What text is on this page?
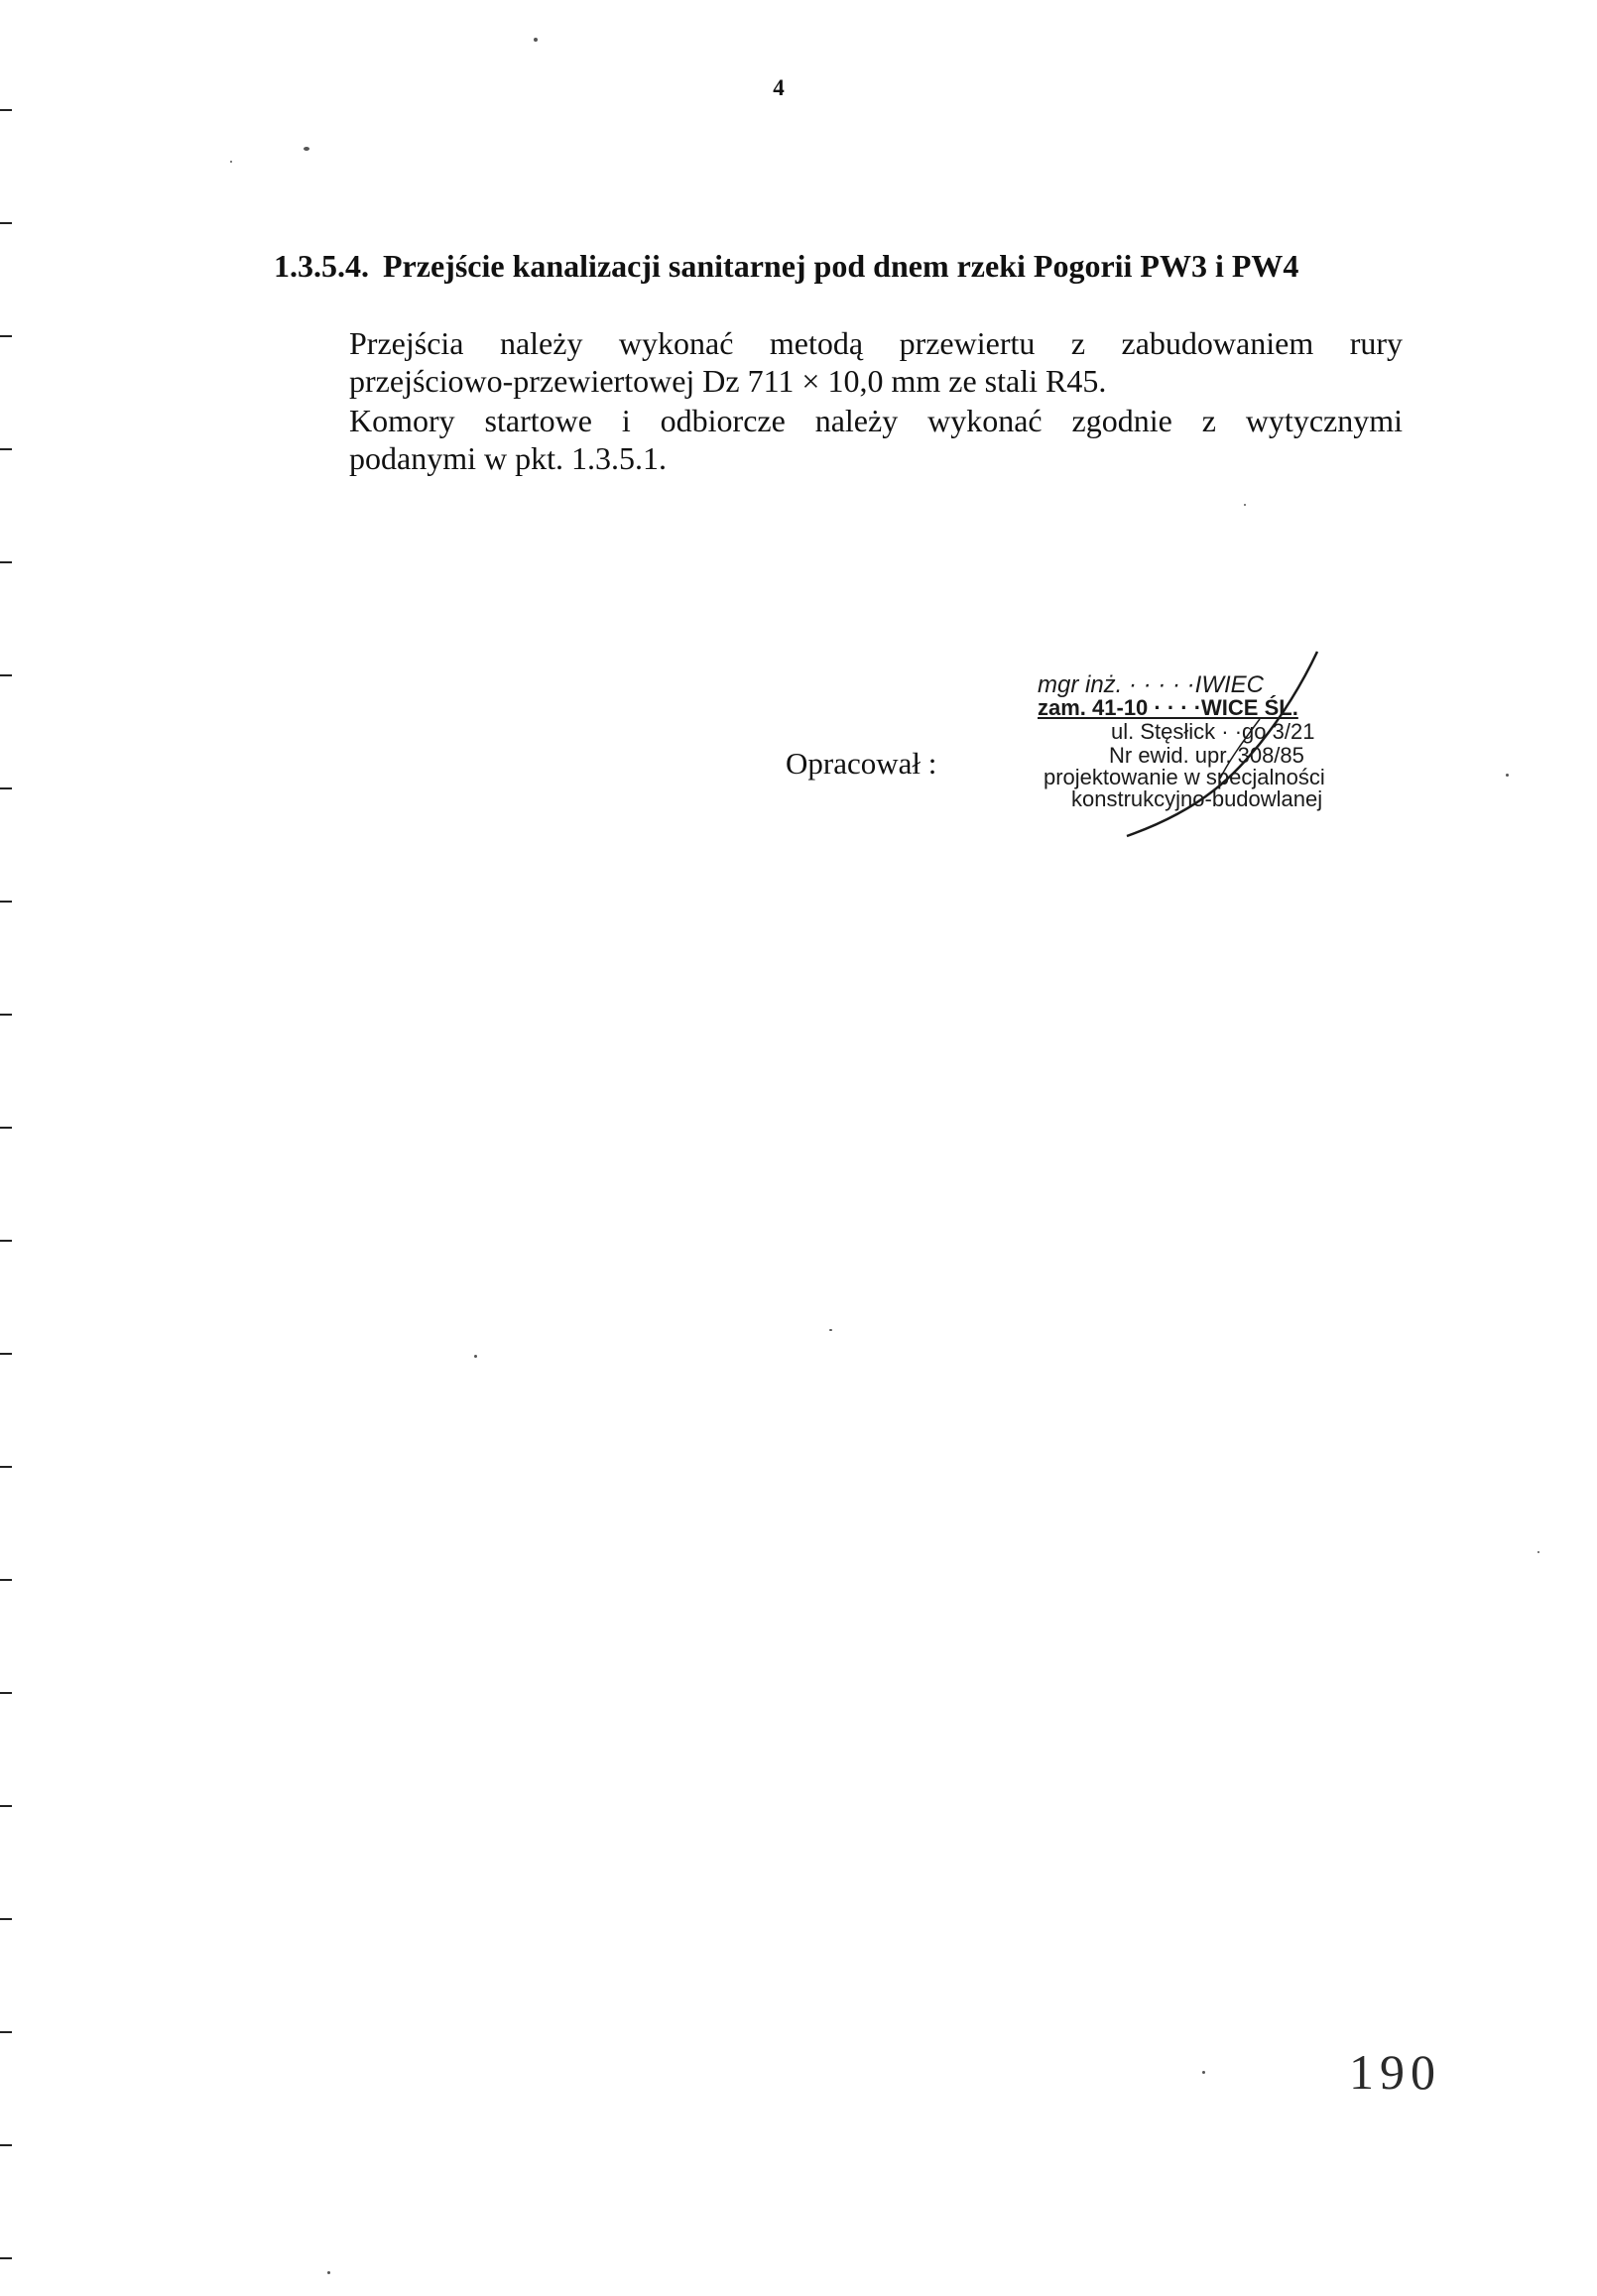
4
1.3.5.4. Przejście kanalizacji sanitarnej pod dnem rzeki Pogorii PW3 i PW4
Przejścia należy wykonać metodą przewiertu z zabudowaniem rury
przejściowo-przewiertowej Dz 711 × 10,0 mm ze stali R45.
Komory startowe i odbiorcze należy wykonać zgodnie z wytycznymi
podanymi w pkt. 1.3.5.1.
Opracował :
mgr inż. · · · · ·IWIEC
zam. 41-10 · · · ·WICE ŚL.
ul. Stęsłick · ·go 3/21
Nr ewid. upr. 308/85
projektowanie w specjalności
konstrukcyjno-budowlanej
190
